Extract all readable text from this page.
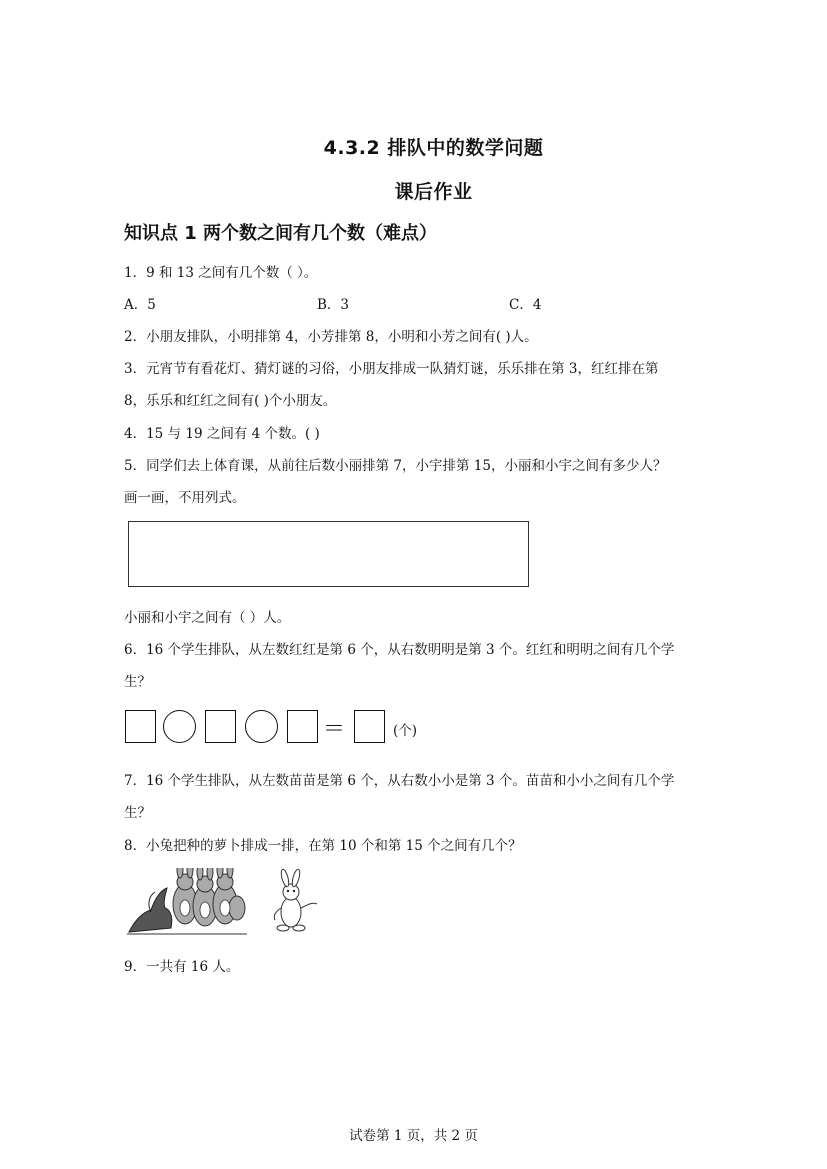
4.3.2 排队中的数学问题
课后作业
知识点 1 两个数之间有几个数（难点）
1．9 和 13 之间有几个数（ ）。
A．5	B．3	C．4
2．小朋友排队，小明排第 4，小芳排第 8，小明和小芳之间有( )人。
3．元宵节有看花灯、猜灯谜的习俗，小朋友排成一队猜灯谜，乐乐排在第 3，红红排在第
8，乐乐和红红之间有( )个小朋友。
4．15 与 19 之间有 4 个数。( )
5．同学们去上体育课，从前往后数小丽排第 7，小宇排第 15，小丽和小宇之间有多少人？
画一画，不用列式。
小丽和小宇之间有（ ）人。
6．16 个学生排队，从左数红红是第 6 个，从右数明明是第 3 个。红红和明明之间有几个学
生？
＝	(个)
7．16 个学生排队，从左数苗苗是第 6 个，从右数小小是第 3 个。苗苗和小小之间有几个学
生？
8．小兔把种的萝卜排成一排，在第 10 个和第 15 个之间有几个？
9．一共有 16 人。
试卷第 1 页，共 2 页
